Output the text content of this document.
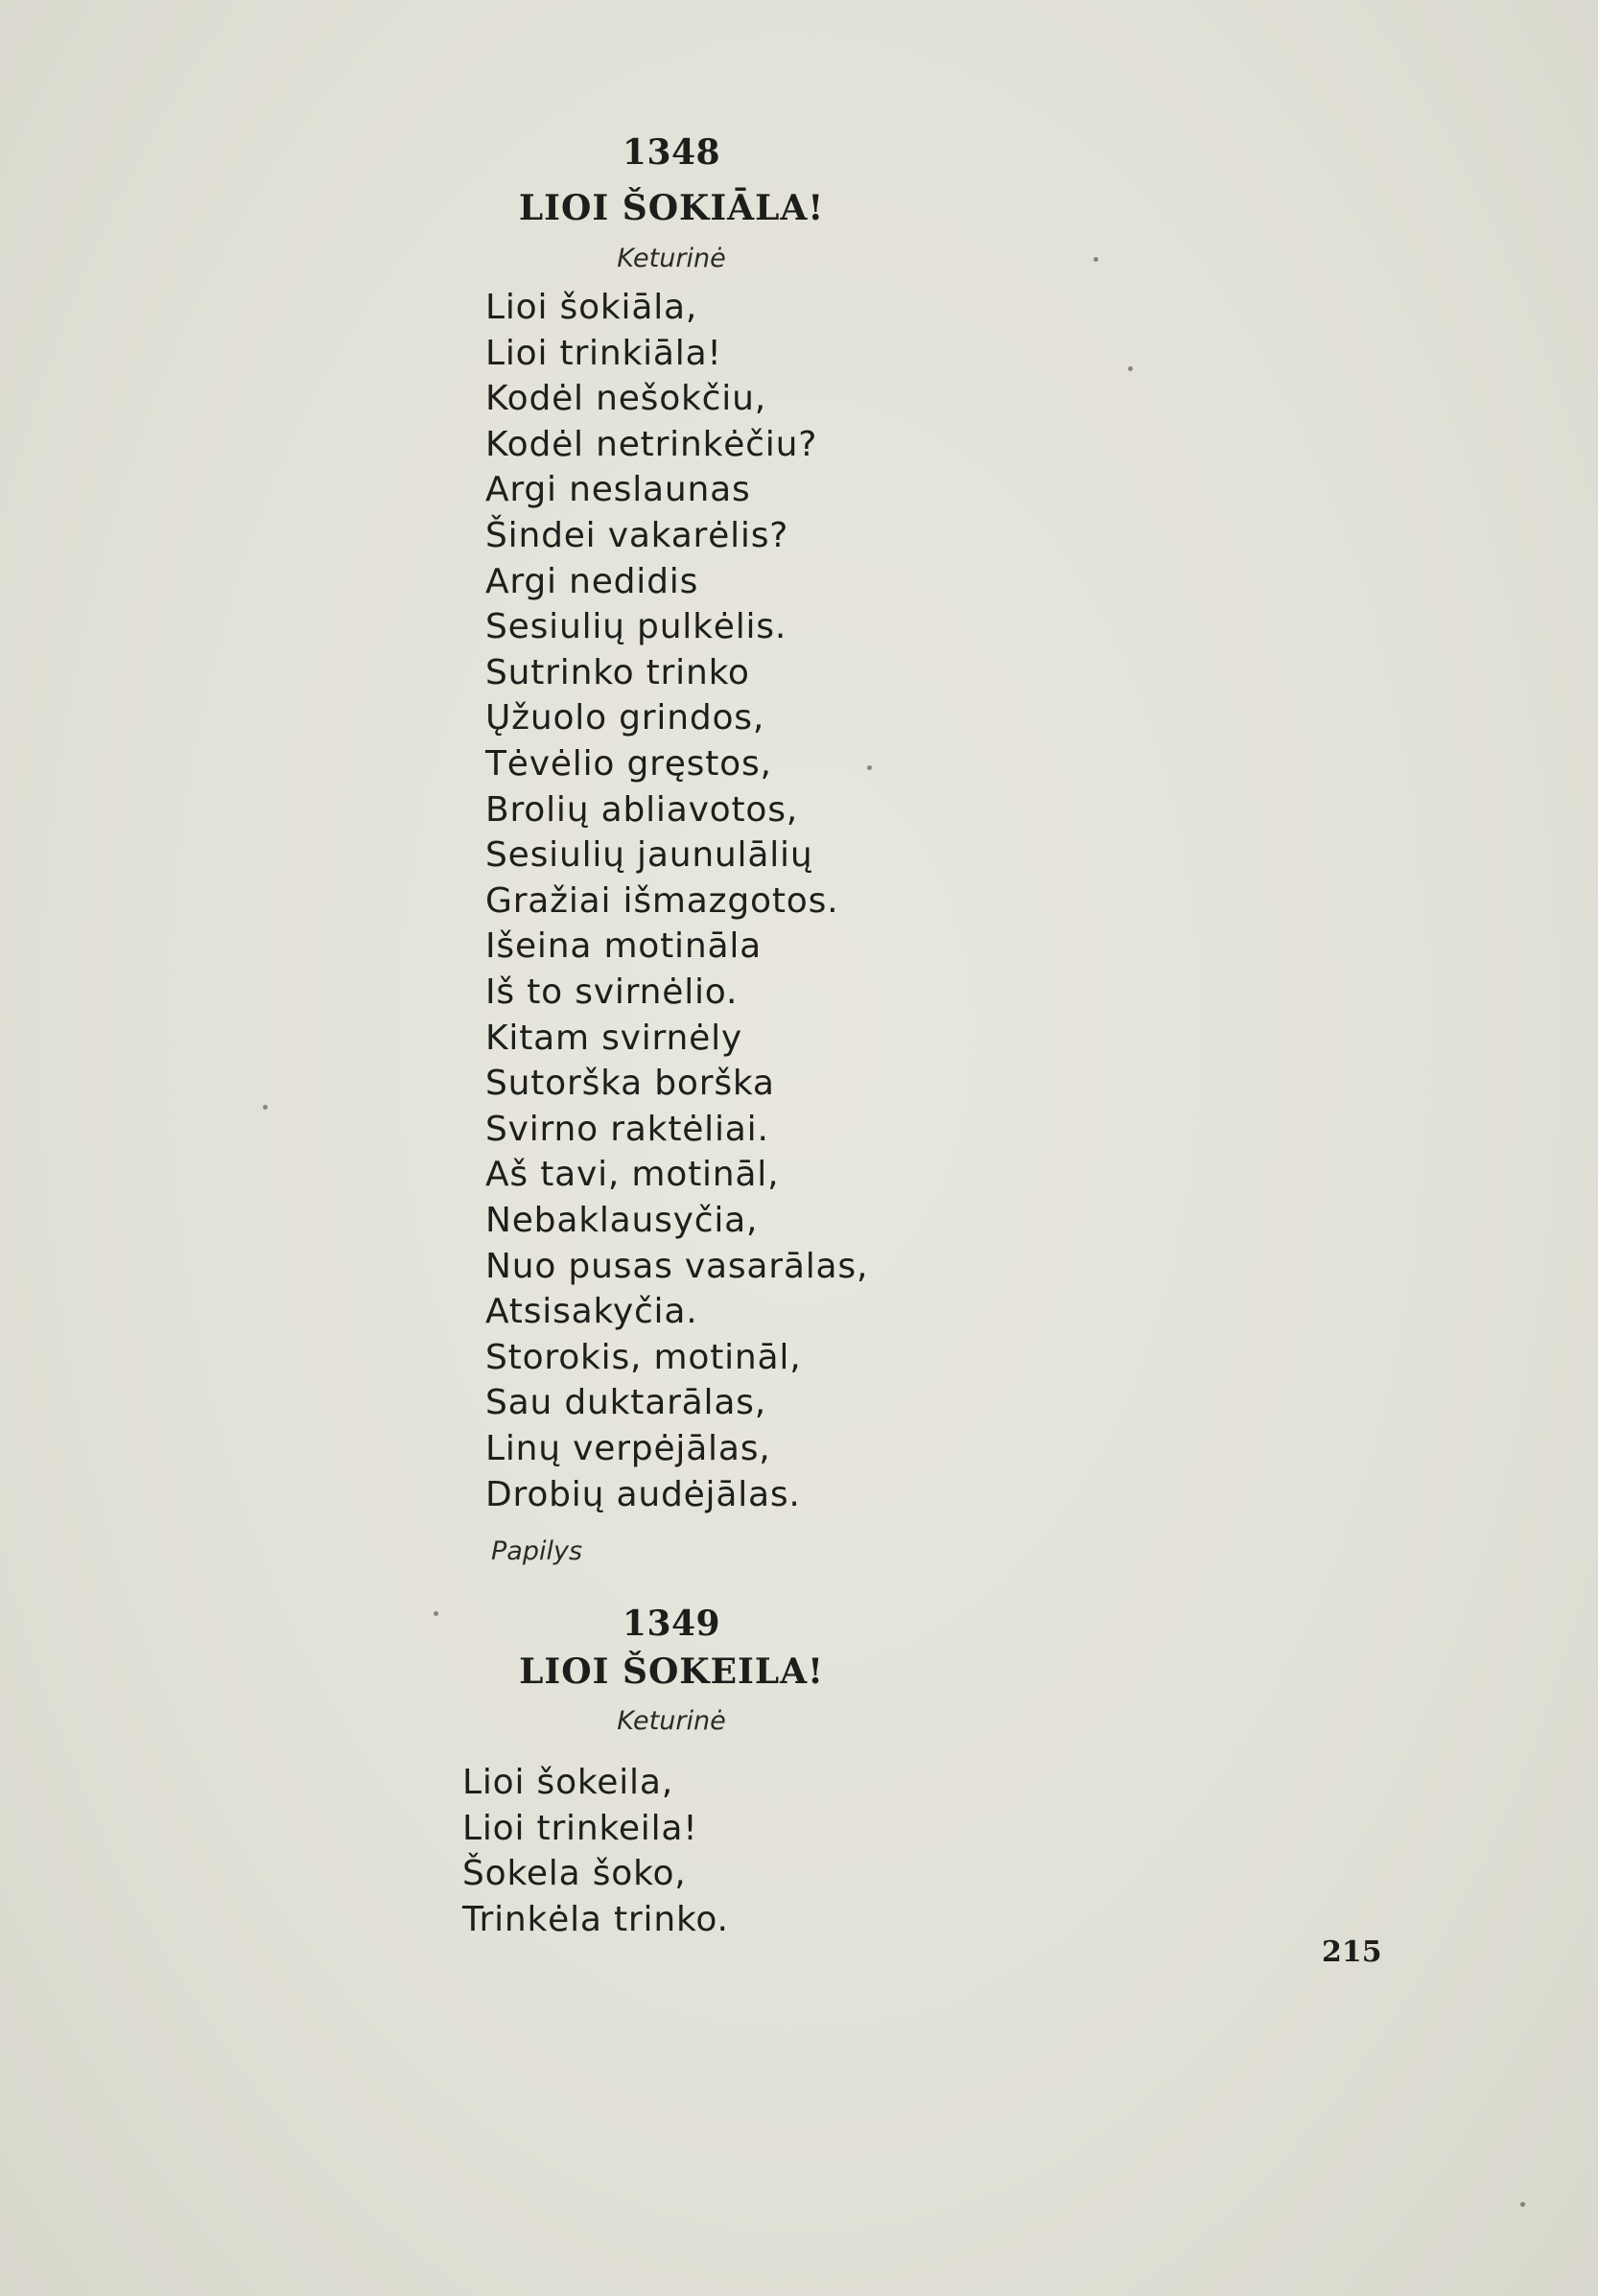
1348
LIOI ŠOKIĀLA!
Keturinė
Lioi šokiāla,
Lioi trinkiāla!
Kodėl nešokčiu,
Kodėl netrinkėčiu?
Argi neslaunas
Šindei vakarėlis?
Argi nedidis
Sesiulių pulkėlis.
Sutrinko trinko
Ųžuolo grindos,
Tėvėlio gręstos,
Brolių abliavotos,
Sesiulių jaunulālių
Gražiai išmazgotos.
Išeina motināla
Iš to svirnėlio.
Kitam svirnėly
Sutorška borška
Svirno raktėliai.
Aš tavi, motināl,
Nebaklausyčia,
Nuo pusas vasarālas,
Atsisakyčia.
Storokis, motināl,
Sau duktarālas,
Linų verpėjālas,
Drobių audėjālas.
Papilys
1349
LIOI ŠOKEILA!
Keturinė
Lioi šokeila,
Lioi trinkeila!
Šokela šoko,
Trinkėla trinko.
215
